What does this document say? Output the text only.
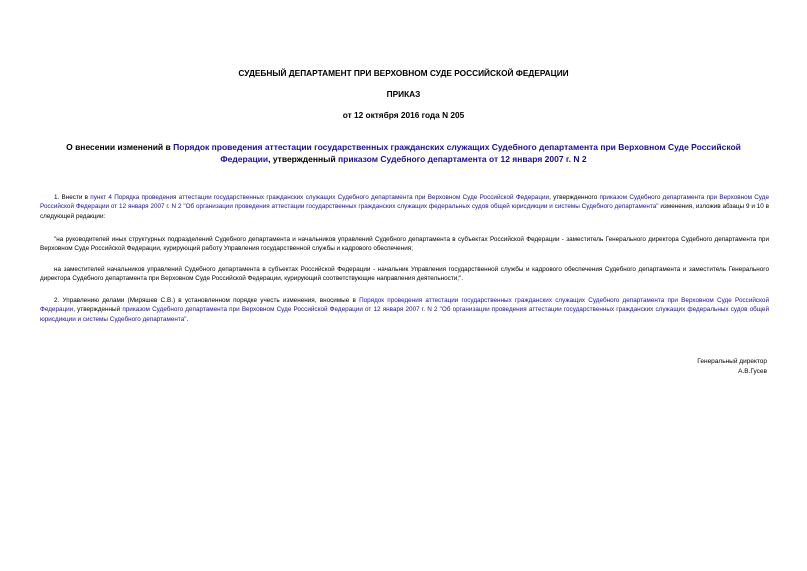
СУДЕБНЫЙ ДЕПАРТАМЕНТ ПРИ ВЕРХОВНОМ СУДЕ РОССИЙСКОЙ ФЕДЕРАЦИИ

ПРИКАЗ

от 12 октября 2016 года N 205

О внесении изменений в Порядок проведения аттестации государственных гражданских служащих Судебного департамента при Верховном Суде Российской Федерации, утвержденный приказом Судебного департамента от 12 января 2007 г. N 2

1. Внести в пункт 4 Порядка проведения аттестации государственных гражданских служащих Судебного департамента при Верховном Суде Российской Федерации, утвержденного приказом Судебного департамента при Верховном Суде Российской Федерации от 12 января 2007 г. N 2 "Об организации проведения аттестации государственных гражданских служащих федеральных судов общей юрисдикции и системы Судебного департамента" изменения, изложив абзацы 9 и 10 в следующей редакции:

"на руководителей иных структурных подразделений Судебного департамента и начальников управлений Судебного департамента в субъектах Российской Федерации - заместитель Генерального директора Судебного департамента при Верховном Суде Российской Федерации, курирующий работу Управления государственной службы и кадрового обеспечения;

на заместителей начальников управлений Судебного департамента в субъектах Российской Федерации - начальник Управления государственной службы и кадрового обеспечения Судебного департамента и заместитель Генерального директора Судебного департамента при Верховном Суде Российской Федерации, курирующий соответствующие направления деятельности;".

2. Управлению делами (Миряшев С.В.) в установленном порядке учесть изменения, вносимые в Порядок проведения аттестации государственных гражданских служащих Судебного департамента при Верховном Суде Российской Федерации, утвержденный приказом Судебного департамента при Верховном Суде Российской Федерации от 12 января 2007 г. N 2 "Об организации проведения аттестации государственных гражданских служащих федеральных судов общей юрисдикции и системы Судебного департамента".

Генеральный директор

А.В.Гусев
